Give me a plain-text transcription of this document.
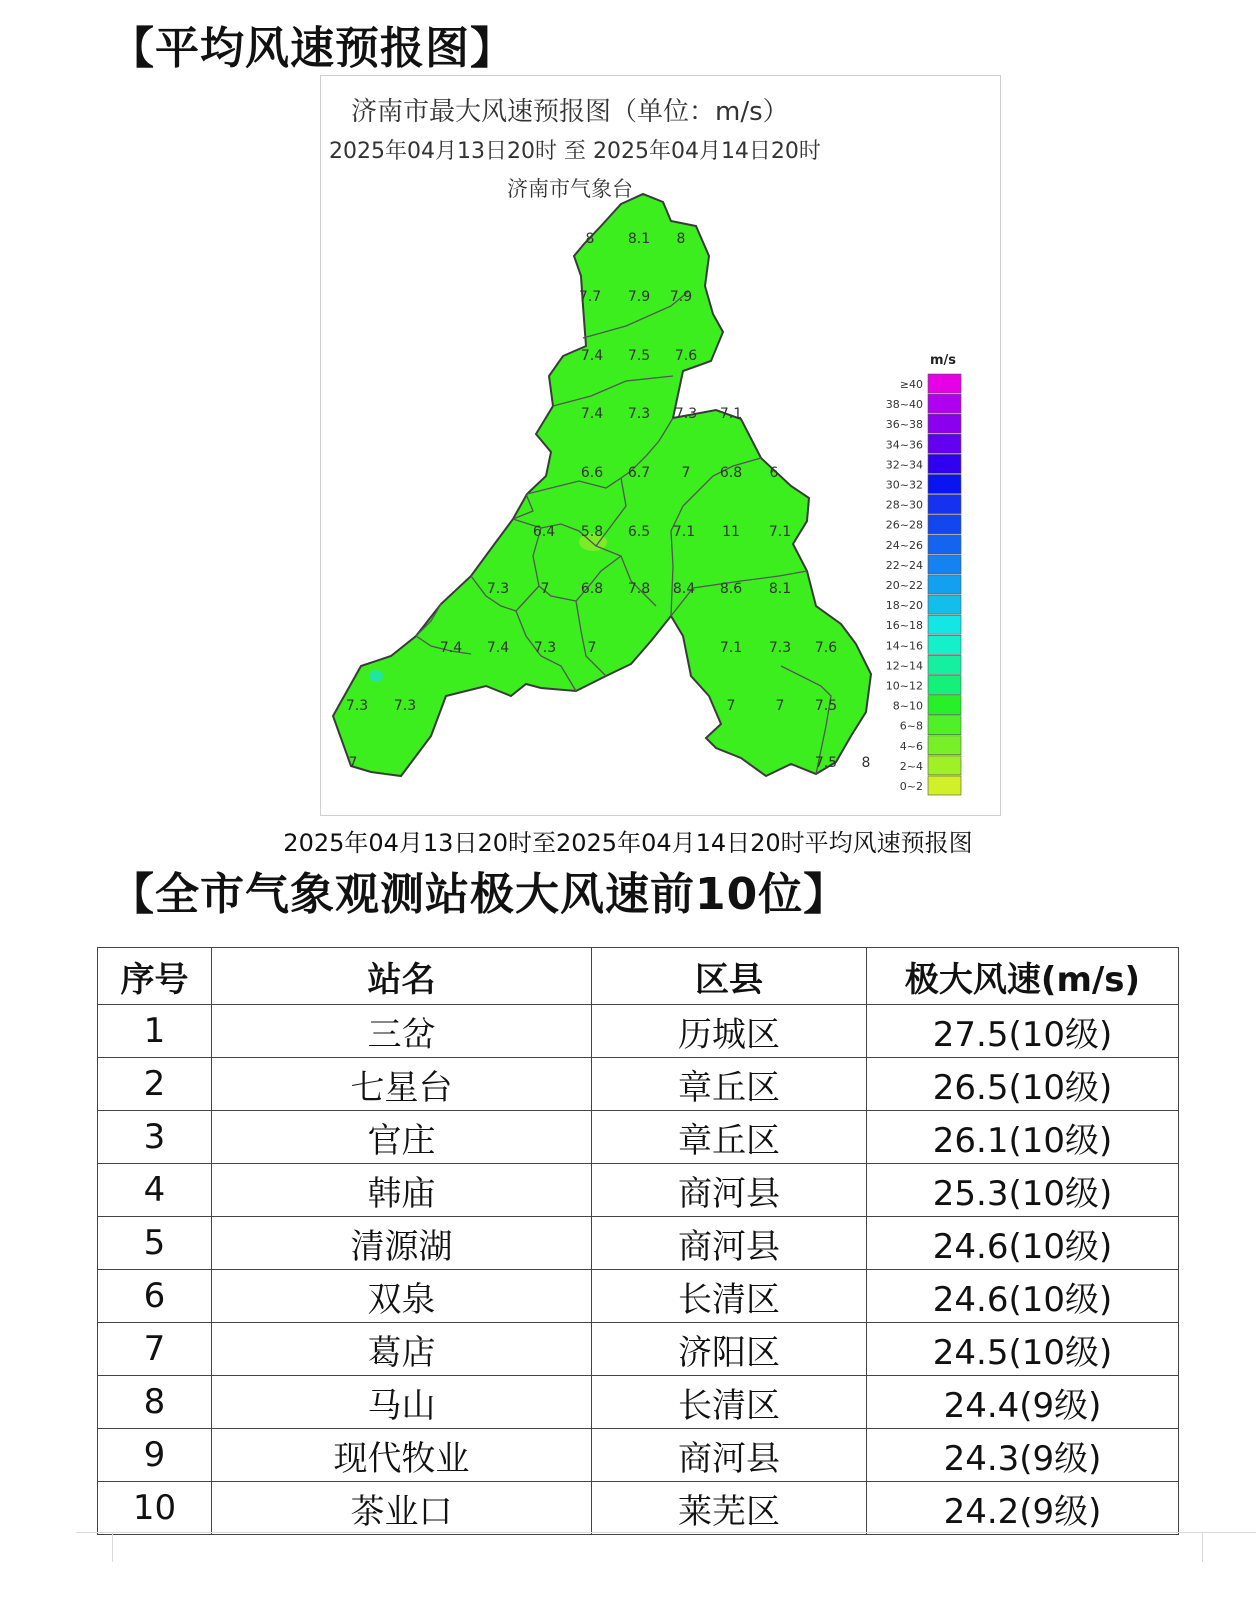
【平均风速预报图】
8 8.1 8
7.7 7.9 7.9
7.4 7.5 7.6
7.4 7.3 7.3 7.1
6.6 6.7 7 6.8 6
6.4 5.8 6.5 7.1 11 7.1
7.3 7 6.8 7.8 8.4 8.6 8.1
7.4 7.4 7.3 7	7.1 7.3 7.6
7.3 7.3	7	7 7.5
7	7.5 8
m/s
≥40
38~40
36~38
34~36
32~34
30~32
28~30
26~28
24~26
22~24
20~22
18~20
16~18
14~16
12~14
10~12
8~10
6~8
4~6
2~4
0~2
济南市最大风速预报图（单位：m/s）
2025年04月13日20时 至 2025年04月14日20时
济南市气象台
2025年04月13日20时至2025年04月14日20时平均风速预报图
【全市气象观测站极大风速前10位】
序号	站名	区县	极大风速(m/s)
1	三岔	历城区	27.5(10级)
2	七星台	章丘区	26.5(10级)
3	官庄	章丘区	26.1(10级)
4	韩庙	商河县	25.3(10级)
5	清源湖	商河县	24.6(10级)
6	双泉	长清区	24.6(10级)
7	葛店	济阳区	24.5(10级)
8	马山	长清区	24.4(9级)
9	现代牧业	商河县	24.3(9级)
10	茶业口	莱芜区	24.2(9级)
